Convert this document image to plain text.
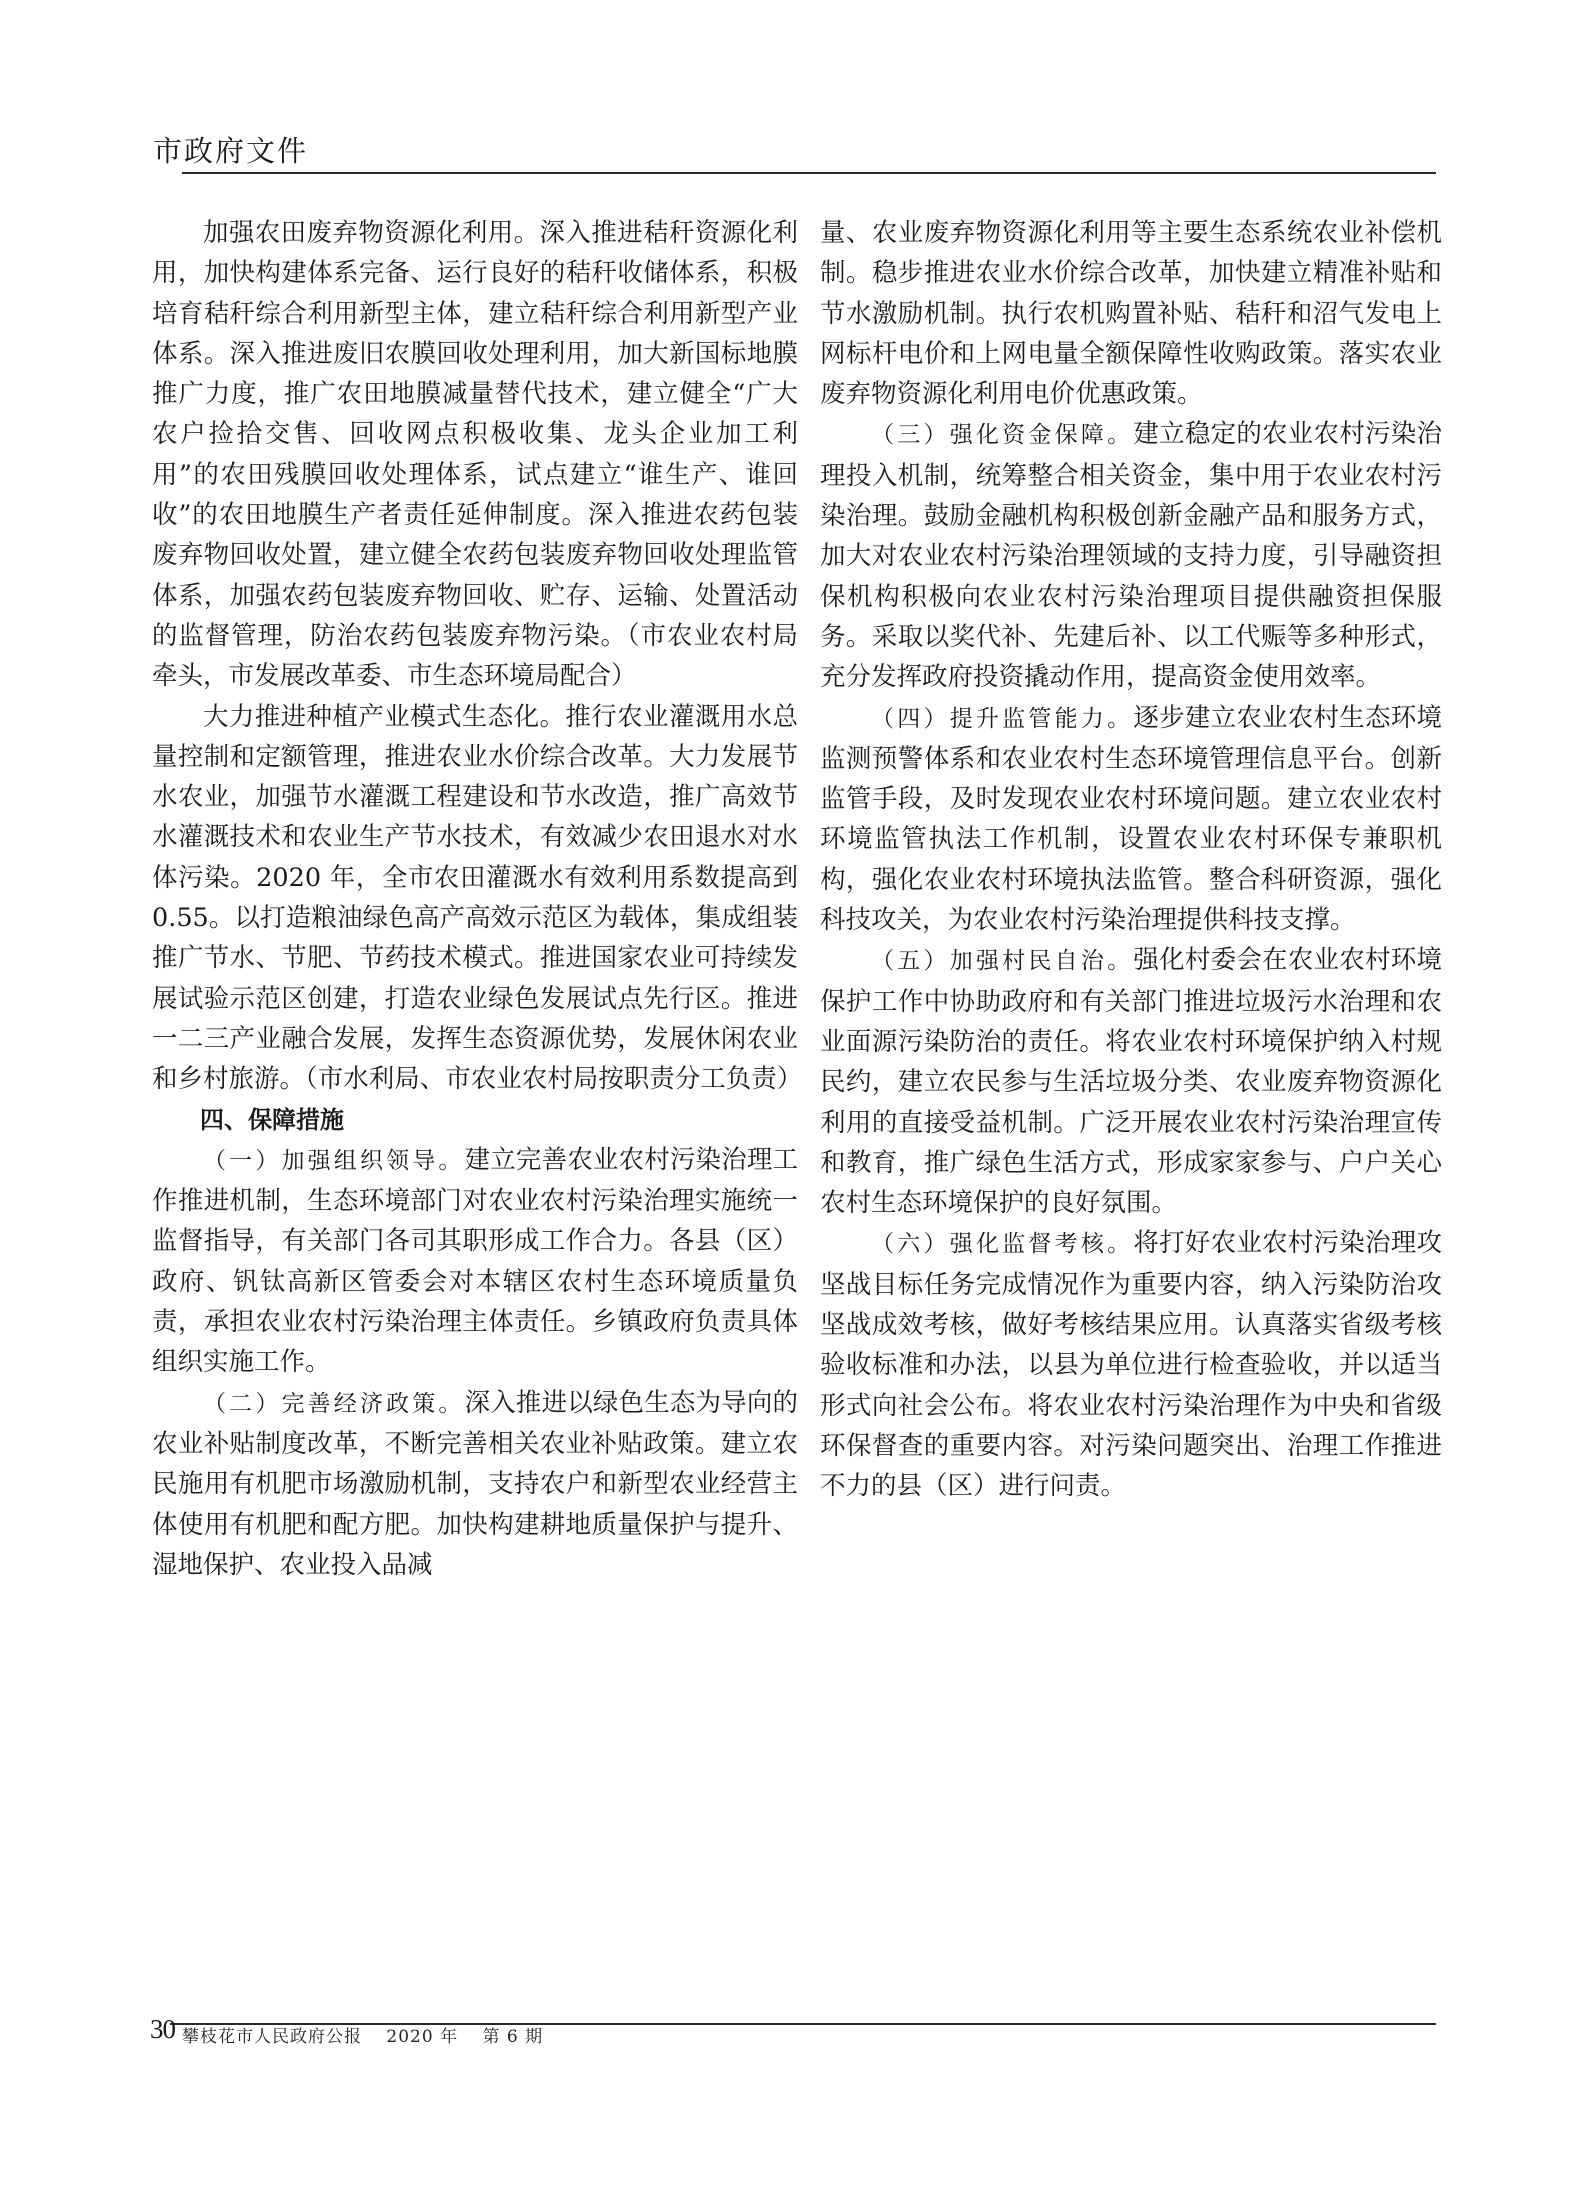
市政府文件

加强农田废弃物资源化利用。深入推进秸秆资源化利用，加快构建体系完备、运行良好的秸秆收储体系，积极培育秸秆综合利用新型主体，建立秸秆综合利用新型产业体系。深入推进废旧农膜回收处理利用，加大新国标地膜推广力度，推广农田地膜减量替代技术，建立健全“广大农户捡拾交售、回收网点积极收集、龙头企业加工利用”的农田残膜回收处理体系，试点建立“谁生产、谁回收”的农田地膜生产者责任延伸制度。深入推进农药包装废弃物回收处置，建立健全农药包装废弃物回收处理监管体系，加强农药包装废弃物回收、贮存、运输、处置活动的监督管理，防治农药包装废弃物污染。（市农业农村局牵头，市发展改革委、市生态环境局配合）

大力推进种植产业模式生态化。推行农业灌溉用水总量控制和定额管理，推进农业水价综合改革。大力发展节水农业，加强节水灌溉工程建设和节水改造，推广高效节水灌溉技术和农业生产节水技术，有效减少农田退水对水体污染。2020 年，全市农田灌溉水有效利用系数提高到 0.55。以打造粮油绿色高产高效示范区为载体，集成组装推广节水、节肥、节药技术模式。推进国家农业可持续发展试验示范区创建，打造农业绿色发展试点先行区。推进一二三产业融合发展，发挥生态资源优势，发展休闲农业和乡村旅游。（市水利局、市农业农村局按职责分工负责）

四、保障措施

（一）加强组织领导。建立完善农业农村污染治理工作推进机制，生态环境部门对农业农村污染治理实施统一监督指导，有关部门各司其职形成工作合力。各县（区）政府、钒钛高新区管委会对本辖区农村生态环境质量负责，承担农业农村污染治理主体责任。乡镇政府负责具体组织实施工作。

（二）完善经济政策。深入推进以绿色生态为导向的农业补贴制度改革，不断完善相关农业补贴政策。建立农民施用有机肥市场激励机制，支持农户和新型农业经营主体使用有机肥和配方肥。加快构建耕地质量保护与提升、湿地保护、农业投入品减

量、农业废弃物资源化利用等主要生态系统农业补偿机制。稳步推进农业水价综合改革，加快建立精准补贴和节水激励机制。执行农机购置补贴、秸秆和沼气发电上网标杆电价和上网电量全额保障性收购政策。落实农业废弃物资源化利用电价优惠政策。

（三）强化资金保障。建立稳定的农业农村污染治理投入机制，统筹整合相关资金，集中用于农业农村污染治理。鼓励金融机构积极创新金融产品和服务方式，加大对农业农村污染治理领域的支持力度，引导融资担保机构积极向农业农村污染治理项目提供融资担保服务。采取以奖代补、先建后补、以工代赈等多种形式，充分发挥政府投资撬动作用，提高资金使用效率。

（四）提升监管能力。逐步建立农业农村生态环境监测预警体系和农业农村生态环境管理信息平台。创新监管手段，及时发现农业农村环境问题。建立农业农村环境监管执法工作机制，设置农业农村环保专兼职机构，强化农业农村环境执法监管。整合科研资源，强化科技攻关，为农业农村污染治理提供科技支撑。

（五）加强村民自治。强化村委会在农业农村环境保护工作中协助政府和有关部门推进垃圾污水治理和农业面源污染防治的责任。将农业农村环境保护纳入村规民约，建立农民参与生活垃圾分类、农业废弃物资源化利用的直接受益机制。广泛开展农业农村污染治理宣传和教育，推广绿色生活方式，形成家家参与、户户关心农村生态环境保护的良好氛围。

（六）强化监督考核。将打好农业农村污染治理攻坚战目标任务完成情况作为重要内容，纳入污染防治攻坚战成效考核，做好考核结果应用。认真落实省级考核验收标准和办法，以县为单位进行检查验收，并以适当形式向社会公布。将农业农村污染治理作为中央和省级环保督查的重要内容。对污染问题突出、治理工作推进不力的县（区）进行问责。

30 攀枝花市人民政府公报 2020 年 第 6 期
